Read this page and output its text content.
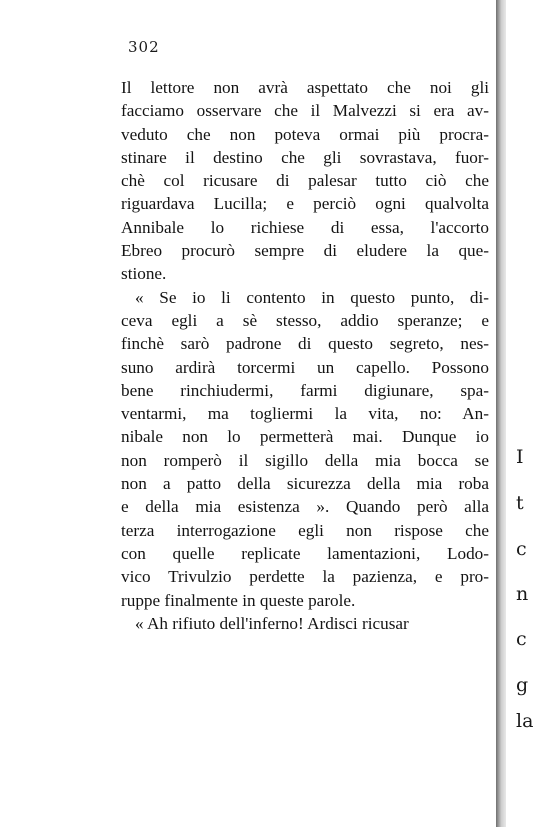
302
Il lettore non avrà aspettato che noi gli
facciamo osservare che il Malvezzi si era av-
veduto che non poteva ormai più procra-
stinare il destino che gli sovrastava, fuor-
chè col ricusare di palesar tutto ciò che
riguardava Lucilla; e perciò ogni qualvolta
Annibale lo richiese di essa, l'accorto
Ebreo procurò sempre di eludere la que-
stione.
« Se io li contento in questo punto, di-
ceva egli a sè stesso, addio speranze; e
finchè sarò padrone di questo segreto, nes-
suno ardirà torcermi un capello. Possono
bene rinchiudermi, farmi digiunare, spa-
ventarmi, ma togliermi la vita, no: An-
nibale non lo permetterà mai. Dunque io
non romperò il sigillo della mia bocca se
non a patto della sicurezza della mia roba
e della mia esistenza ». Quando però alla
terza interrogazione egli non rispose che
con quelle replicate lamentazioni, Lodo-
vico Trivulzio perdette la pazienza, e pro-
ruppe finalmente in queste parole.
« Ah rifiuto dell'inferno! Ardisci ricusar
I
t
c
n
c
g
la
